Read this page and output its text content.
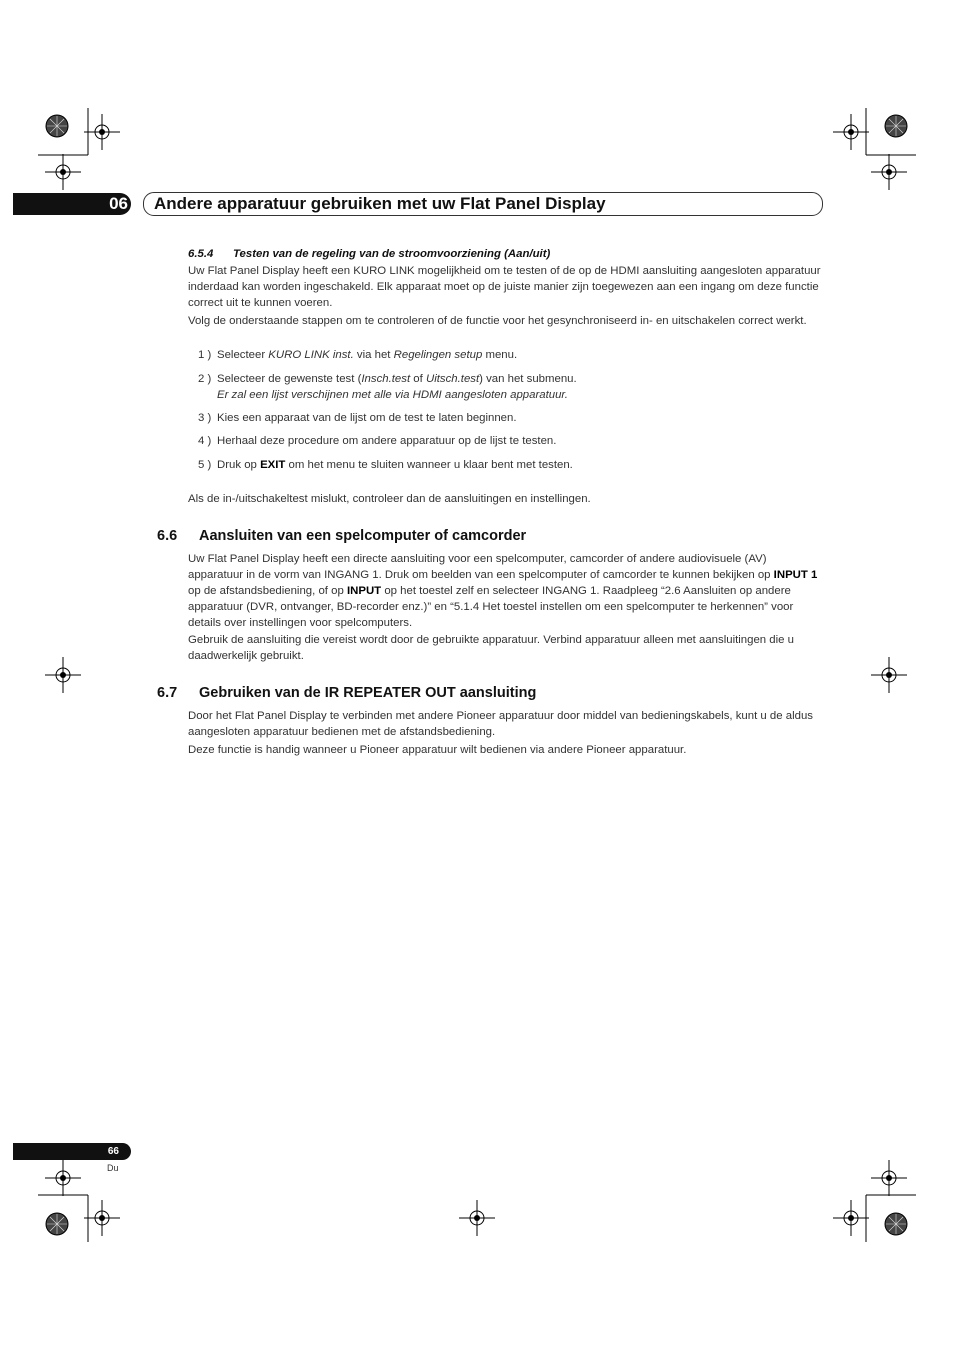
06 Andere apparatuur gebruiken met uw Flat Panel Display
6.5.4 Testen van de regeling van de stroomvoorziening (Aan/uit)
Uw Flat Panel Display heeft een KURO LINK mogelijkheid om te testen of de op de HDMI aansluiting aangesloten apparatuur inderdaad kan worden ingeschakeld. Elk apparaat moet op de juiste manier zijn toegewezen aan een ingang om deze functie correct uit te kunnen voeren.
Volg de onderstaande stappen om te controleren of de functie voor het gesynchroniseerd in- en uitschakelen correct werkt.
1 ) Selecteer KURO LINK inst. via het Regelingen setup menu.
2 ) Selecteer de gewenste test (Insch.test of Uitsch.test) van het submenu.
Er zal een lijst verschijnen met alle via HDMI aangesloten apparatuur.
3 ) Kies een apparaat van de lijst om de test te laten beginnen.
4 ) Herhaal deze procedure om andere apparatuur op de lijst te testen.
5 ) Druk op EXIT om het menu te sluiten wanneer u klaar bent met testen.
Als de in-/uitschakeltest mislukt, controleer dan de aansluitingen en instellingen.
6.6 Aansluiten van een spelcomputer of camcorder
Uw Flat Panel Display heeft een directe aansluiting voor een spelcomputer, camcorder of andere audiovisuele (AV) apparatuur in de vorm van INGANG 1. Druk om beelden van een spelcomputer of camcorder te kunnen bekijken op INPUT 1 op de afstandsbediening, of op INPUT op het toestel zelf en selecteer INGANG 1. Raadpleeg “2.6 Aansluiten op andere apparatuur (DVR, ontvanger, BD-recorder enz.)” en “5.1.4 Het toestel instellen om een spelcomputer te herkennen” voor details over instellingen voor spelcomputers.
Gebruik de aansluiting die vereist wordt door de gebruikte apparatuur. Verbind apparatuur alleen met aansluitingen die u daadwerkelijk gebruikt.
6.7 Gebruiken van de IR REPEATER OUT aansluiting
Door het Flat Panel Display te verbinden met andere Pioneer apparatuur door middel van bedieningskabels, kunt u de aldus aangesloten apparatuur bedienen met de afstandsbediening.
Deze functie is handig wanneer u Pioneer apparatuur wilt bedienen via andere Pioneer apparatuur.
66
Du
